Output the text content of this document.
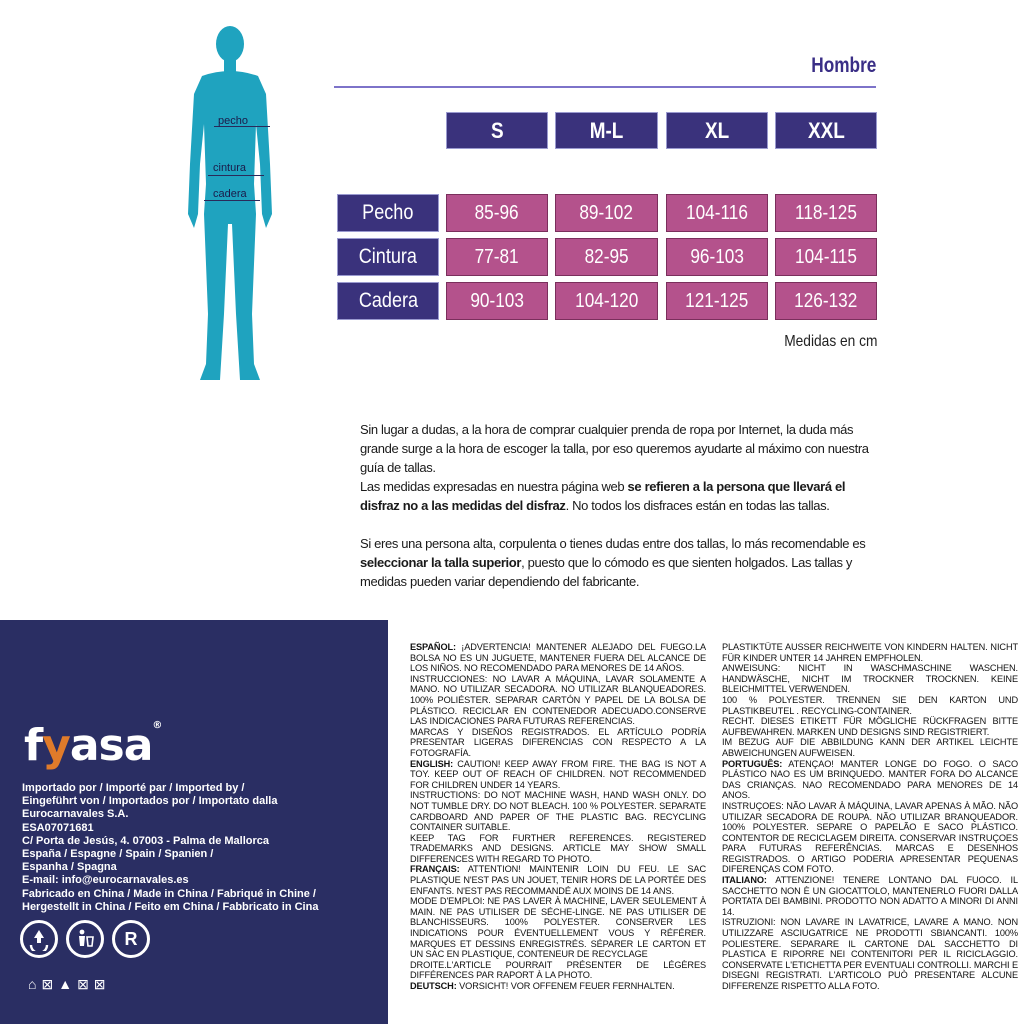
pecho
cintura
cadera
Hombre
S	M-L	XL	XXL
Pecho	85-96	89-102	104-116 118-125
Cintura	77-81	82-95	96-103	104-115
Cadera	90-103	104-120 121-125 126-132
Medidas en cm
Sin lugar a dudas, a la hora de comprar cualquier prenda de ropa por Internet, la duda más grande surge a la hora de escoger la talla, por eso queremos ayudarte al máximo con nuestra guía de tallas.
Las medidas expresadas en nuestra página web se refieren a la persona que llevará el disfraz no a las medidas del disfraz. No todos los disfraces están en todas las tallas.
Si eres una persona alta, corpulenta o tienes dudas entre dos tallas, lo más recomendable es seleccionar la talla superior, puesto que lo cómodo es que sienten holgados. Las tallas y medidas pueden variar dependiendo del fabricante.
fyasa®
Importado por / Importé par / Imported by /
Eingeführt von / Importados por / Importato dalla
Eurocarnavales S.A.
ESA07071681
C/ Porta de Jesús, 4. 07003 - Palma de Mallorca
España / Espagne / Spain / Spanien /
Espanha / Spagna
E-mail: info@eurocarnavales.es
Fabricado en China / Made in China / Fabriqué in Chine /
Hergestellt in China / Feito em China / Fabbricato in Cina
R
⌂ ⊠ ▲ ⊠ ⊠

ESPAÑOL: ¡ADVERTENCIA! MANTENER ALEJADO DEL FUEGO.LA BOLSA NO ES UN JUGUETE, MANTENER FUERA DEL ALCANCE DE LOS NIÑOS. NO RECOMENDADO PARA MENORES DE 14 AÑOS.

INSTRUCCIONES: NO LAVAR A MÁQUINA, LAVAR SOLAMENTE A MANO. NO UTILIZAR SECADORA. NO UTILIZAR BLANQUEADORES. 100% POLIÉSTER. SEPARAR CARTÓN Y PAPEL DE LA BOLSA DE PLÁSTICO. RECICLAR EN CONTENEDOR ADECUADO.CONSERVE LAS INDICACIONES PARA FUTURAS REFERENCIAS.

MARCAS Y DISEÑOS REGISTRADOS. EL ARTÍCULO PODRÍA PRESENTAR LIGERAS DIFERENCIAS CON RESPECTO A LA FOTOGRAFÍA.

ENGLISH: CAUTION! KEEP AWAY FROM FIRE. THE BAG IS NOT A TOY. KEEP OUT OF REACH OF CHILDREN. NOT RECOMMENDED FOR CHILDREN UNDER 14 YEARS.

INSTRUCTIONS: DO NOT MACHINE WASH, HAND WASH ONLY. DO NOT TUMBLE DRY. DO NOT BLEACH. 100 % POLYESTER. SEPARATE CARDBOARD AND PAPER OF THE PLASTIC BAG. RECYCLING CONTAINER SUITABLE.

KEEP TAG FOR FURTHER REFERENCES. REGISTERED TRADEMARKS AND DESIGNS. ARTICLE MAY SHOW SMALL DIFFERENCES WITH REGARD TO PHOTO.

FRANÇAIS: ATTENTION! MAINTENIR LOIN DU FEU. LE SAC PLASTIQUE N'EST PAS UN JOUET, TENIR HORS DE LA PORTÉE DES ENFANTS. N'EST PAS RECOMMANDÉ AUX MOINS DE 14 ANS.

MODE D'EMPLOI: NE PAS LAVER À MACHINE, LAVER SEULEMENT À MAIN. NE PAS UTILISER DE SÉCHE-LINGE. NE PAS UTILISER DE BLANCHISSEURS. 100% POLYESTER. CONSERVER LES INDICATIONS POUR ÉVENTUELLEMENT VOUS Y RÉFÉRER. MARQUES ET DESSINS ENREGISTRÉS. SÉPARER LE CARTON ET UN SAC EN PLASTIQUE, CONTENEUR DE RECYCLAGE

DROITE.L'ARTICLE POURRAIT PRÉSENTER DE LÉGÈRES DIFFÉRENCES PAR RAPORT À LA PHOTO.

DEUTSCH: VORSICHT! VOR OFFENEM FEUER FERNHALTEN.

PLASTIKTÜTE AUSSER REICHWEITE VON KINDERN HALTEN. NICHT FÜR KINDER UNTER 14 JAHREN EMPFHOLEN.

ANWEISUNG: NICHT IN WASCHMASCHINE WASCHEN. HANDWÄSCHE, NICHT IM TROCKNER TROCKNEN. KEINE BLEICHMITTEL VERWENDEN.

100 % POLYESTER. TRENNEN SIE DEN KARTON UND PLASTIKBEUTEL . RECYCLING-CONTAINER.

RECHT. DIESES ETIKETT FÜR MÖGLICHE RÜCKFRAGEN BITTE AUFBEWAHREN. MARKEN UND DESIGNS SIND REGISTRIERT.

IM BEZUG AUF DIE ABBILDUNG KANN DER ARTIKEL LEICHTE ABWEICHUNGEN AUFWEISEN.

PORTUGUÊS: ATENÇAO! MANTER LONGE DO FOGO. O SACO PLÁSTICO NAO ES UM BRINQUEDO. MANTER FORA DO ALCANCE DAS CRIANÇAS. NAO RECOMENDADO PARA MENORES DE 14 ANOS.

INSTRUÇOES: NÃO LAVAR À MÁQUINA, LAVAR APENAS À MÃO. NÃO UTILIZAR SECADORA DE ROUPA. NÃO UTILIZAR BRANQUEADOR. 100% POLYESTER. SEPARE O PAPELÃO E SACO PLÁSTICO. CONTENTOR DE RECICLAGEM DIREITA. CONSERVAR INSTRUÇOES PARA FUTURAS REFERÊNCIAS. MARCAS E DESENHOS REGISTRADOS. O ARTIGO PODERIA APRESENTAR PEQUENAS DIFERENÇAS COM FOTO.

ITALIANO: ATTENZIONE! TENERE LONTANO DAL FUOCO. IL SACCHETTO NON È UN GIOCATTOLO, MANTENERLO FUORI DALLA PORTATA DEI BAMBINI. PRODOTTO NON ADATTO A MINORI DI ANNI 14.

ISTRUZIONI: NON LAVARE IN LAVATRICE, LAVARE A MANO. NON UTILIZZARE ASCIUGATRICE NE PRODOTTI SBIANCANTI. 100% POLIESTERE. SEPARARE IL CARTONE DAL SACCHETTO DI PLASTICA E RIPORRE NEI CONTENITORI PER IL RICICLAGGIO. CONSERVATE L'ETICHETTA PER EVENTUALI CONTROLLI. MARCHI E DISEGNI REGISTRATI. L'ARTICOLO PUÒ PRESENTARE ALCUNE DIFFERENZE RISPETTO ALLA FOTO.
